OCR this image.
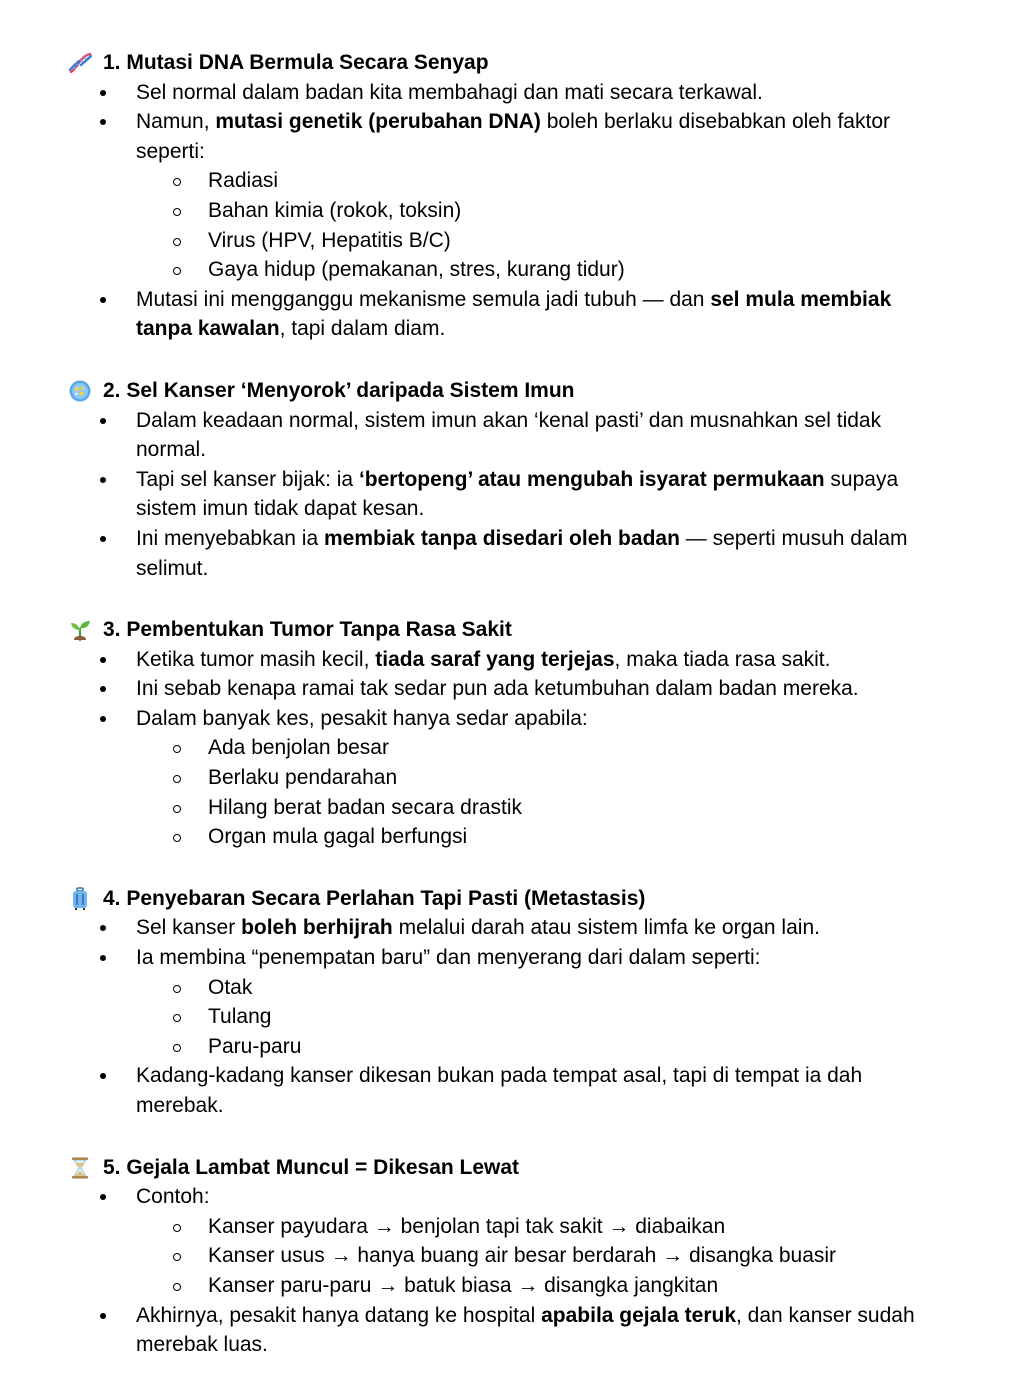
1. Mutasi DNA Bermula Secara Senyap
Sel normal dalam badan kita membahagi dan mati secara terkawal.
Namun, mutasi genetik (perubahan DNA) boleh berlaku disebabkan oleh faktor seperti:
Radiasi
Bahan kimia (rokok, toksin)
Virus (HPV, Hepatitis B/C)
Gaya hidup (pemakanan, stres, kurang tidur)
Mutasi ini mengganggu mekanisme semula jadi tubuh — dan sel mula membiak tanpa kawalan, tapi dalam diam.
2. Sel Kanser ‘Menyorok’ daripada Sistem Imun
Dalam keadaan normal, sistem imun akan ‘kenal pasti’ dan musnahkan sel tidak normal.
Tapi sel kanser bijak: ia ‘bertopeng’ atau mengubah isyarat permukaan supaya sistem imun tidak dapat kesan.
Ini menyebabkan ia membiak tanpa disedari oleh badan — seperti musuh dalam selimut.
3. Pembentukan Tumor Tanpa Rasa Sakit
Ketika tumor masih kecil, tiada saraf yang terjejas, maka tiada rasa sakit.
Ini sebab kenapa ramai tak sedar pun ada ketumbuhan dalam badan mereka.
Dalam banyak kes, pesakit hanya sedar apabila:
Ada benjolan besar
Berlaku pendarahan
Hilang berat badan secara drastik
Organ mula gagal berfungsi
4. Penyebaran Secara Perlahan Tapi Pasti (Metastasis)
Sel kanser boleh berhijrah melalui darah atau sistem limfa ke organ lain.
Ia membina “penempatan baru” dan menyerang dari dalam seperti:
Otak
Tulang
Paru-paru
Kadang-kadang kanser dikesan bukan pada tempat asal, tapi di tempat ia dah merebak.
5. Gejala Lambat Muncul = Dikesan Lewat
Contoh:
Kanser payudara → benjolan tapi tak sakit → diabaikan
Kanser usus → hanya buang air besar berdarah → disangka buasir
Kanser paru-paru → batuk biasa → disangka jangkitan
Akhirnya, pesakit hanya datang ke hospital apabila gejala teruk, dan kanser sudah merebak luas.
